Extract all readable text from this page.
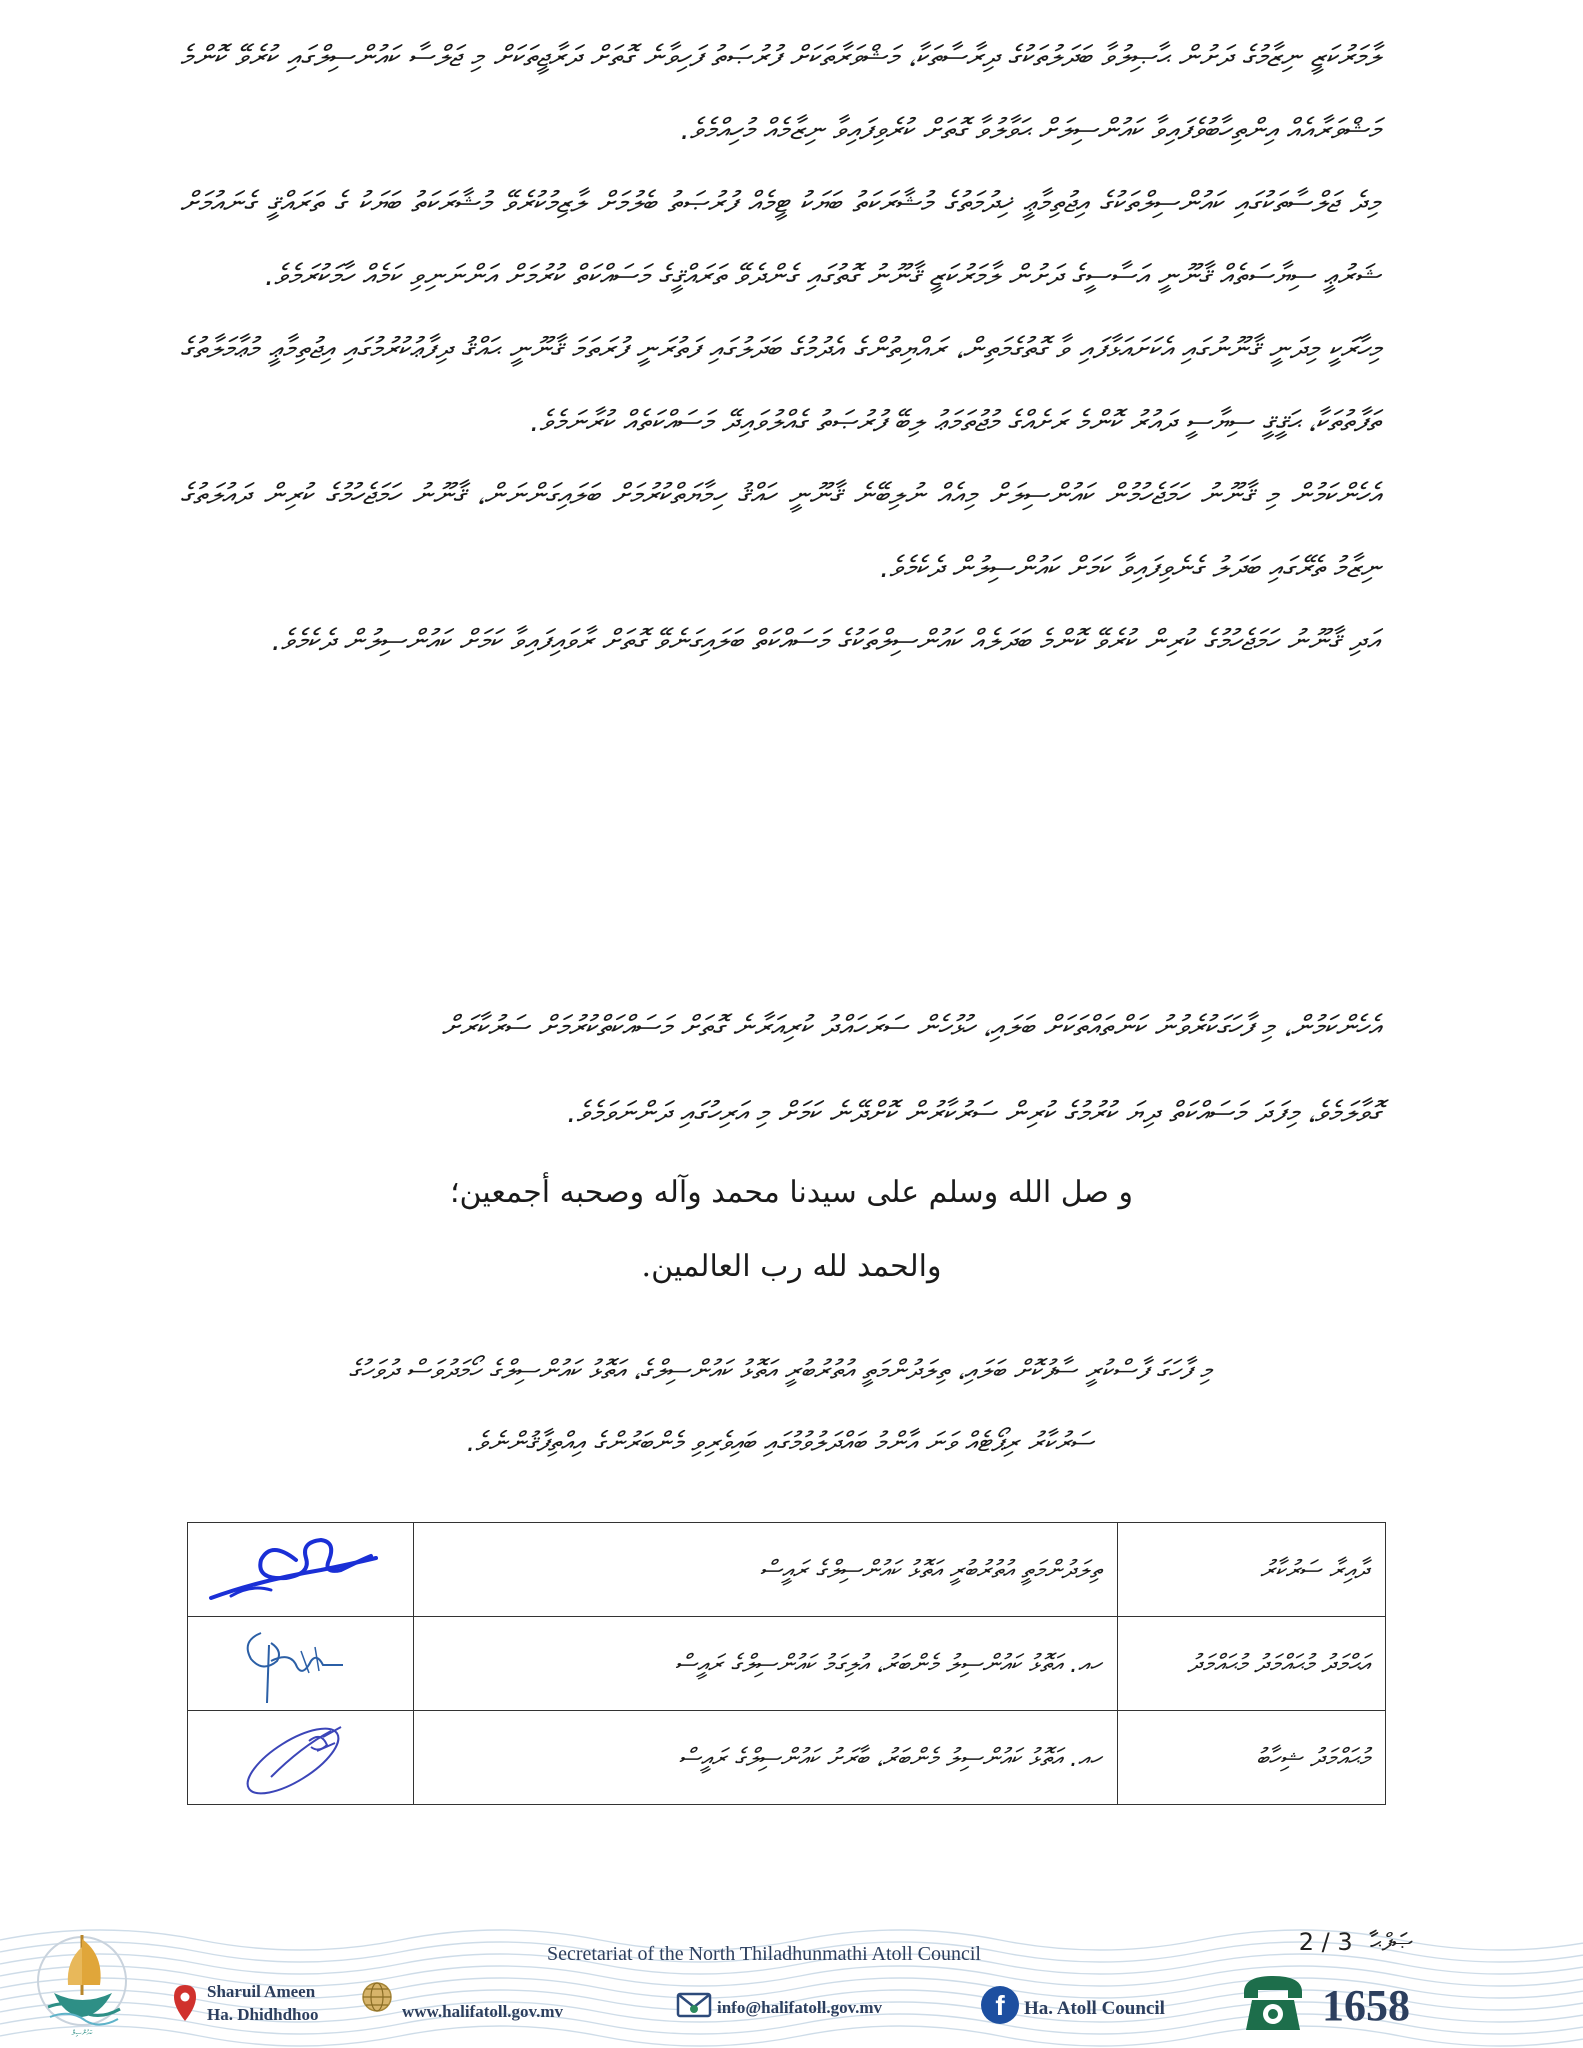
ލާމަރުކަޒީ ނިޒާމުގެ ދަށުން ޙާޞިލުވާ ބަދަލުތަކުގެ ދިރާސާތަކާ، މަޝްވަރާތަކަށް ފުރުޞަތު ފަހިވާނެ ގޮތަށް ދަރާޖީތަކަށް މި ޖަލްސާ ކައުންސިލްގައި ކުރެވޭ ކޮންމެ މަޝްވަރާއެއް އިންތިހާބުވެފައިވާ ކައުންސިލަށް ޙަވާލުވާ ގޮތަށް ކުރެވިފައިވާ ނިޒާމެއް މުހިއްމެވެ.

މިދެ ޖަލްސާތަކުގައި ކައުންސިލްތަކުގެ އިޖުތިމާޢީ ޚިދުމަތުގެ މުޝާރަކަތު ބަޔަކު ޓީމެއް ފުރުޞަތު ބެލުމަށް ލާޒިމުކުރެވޭ މުޝާރަކަތު ބަޔަކު ގެ ތަރައްޤީ ގެނައުމަށް ޝަރުޢީ ސިޔާސަތެއް ޤާނޫނީ އަސާސީގެ ދަށުން ލާމަރުކަޒީ ޤާނޫނު ގޮތުގައި ގެންދެވޭ ތަރައްޤީގެ މަސައްކަތް ކުރުމަށް އަންނަނިވި ކަމެއް ހާމަކުރަމެވެ.

މިހާރަކީ މިދަނީ ޤާނޫނުގައި އެކަށައަޅާފައި ވާ ގޮތުގެމަތިން، ރައްޔިތުންގެ އެދުމުގެ ބަދަލުގައި ފަތުރަނީ ފުރަތަމަ ޤާނޫނީ ޙައްޤު ދިފާޢުކުރުމުގައި އިޖުތިމާޢީ މުޢާމަލާތުގެ ތަފާތުތަކާ، ޙަޤީޤީ ސިޔާސީ ދައުރު ކޮންމެ ރަށެއްގެ މުޖުތަމަޢު ލިބޭ ފުރުޞަތު ގެއްލުވައިދޭ މަސައްކަތެއް ކުރާނަމެވެ.

އެހެންކަމުން މި ޤާނޫނު ހަމަޖެހުމުން ކައުންސިލަށް މިއެއް ނުލިބޭނެ ޤާނޫނީ ހައްޤު ހިމާޔަތްކުރުމަށް ބަލައިގަންނަން، ޤާނޫނު ހަމަޖެހުމުގެ ކުރިން ދައުލަތުގެ ނިޒާމު ތެރޭގައި ބަދަލު ގެނެވިފައިވާ ކަމަށް ކައުންސިލުން ދެކެމެވެ.

އަދި ޤާނޫނު ހަމަޖެހުމުގެ ކުރިން ކުރެވޭ ކޮންމެ ބަދަލެއް ކައުންސިލްތަކުގެ މަސައްކަތް ބަލައިގަނެވޭ ގޮތަށް ރާވައިފައިވާ ކަމަށް ކައުންސިލުން ދެކެމެވެ.

އެހެންކަމުން، މި ފާހަގަކުރެވުނު ކަންތައްތަކަށް ބަލައި، ހުޅުހެން ސަރަހައްދު ކުރިއަރާނެ ގޮތަށް މަސައްކަތްކުރުމަށް ސަރުކާރަށް

ގޮވާލަމެވެ، މިފަދަ މަސައްކަތް ދިޔަ ކުރުމުގެ ކުރިން ސަރުކާރުން ކޮށްދޭނެ ކަމަށް މި އަރިހުގައި ދަންނަވަމެވެ.

و صل الله وسلم على سيدنا محمد وآله وصحبه أجمعين؛
والحمد لله رب العالمين.

މި ފާހަގަ ފާސްކުރީ ސާފުކޮށް ބަލައި، ތިލަދުންމަތީ އުތުރުބުރީ އަތޮޅު ކައުންސިލްގެ، އަތޮޅު ކައުންސިލްގެ ހޯމަދުވަސް ދުވަހުގެ

ސަރުކާރު ރިޕޯޓެއް ވަނަ އާންމު ބައްދަލުވުމުގައި ބައިވެރިވި މެންބަރުންގެ އިއްތިފާޤުންނެވެ.

ދާއިރާ ސަރުކާރު	ތިލަދުންމަތީ އުތުރުބުރީ އަތޮޅު ކައުންސިލްގެ ރައީސް	

އަޙްމަދު މުޙައްމަދު މުޙައްމަދު	ހއ. އަތޮޅު ކައުންސިލު މެންބަރު، އުލިގަމު ކައުންސިލްގެ ރައީސް	

މުޙައްމަދު ޝިހާބު	ހއ. އަތޮޅު ކައުންސިލު މެންބަރު، ބާރަށު ކައުންސިލްގެ ރައީސް	
ކައުންސިލް
ޞަފްޙާ 2 / 3
Secretariat of the North Thiladhunmathi Atoll Council
Sharuil Ameen
Ha. Dhidhdhoo	www.halifatoll.gov.mv	info@halifatoll.gov.mv	f Ha. Atoll Council	1658
